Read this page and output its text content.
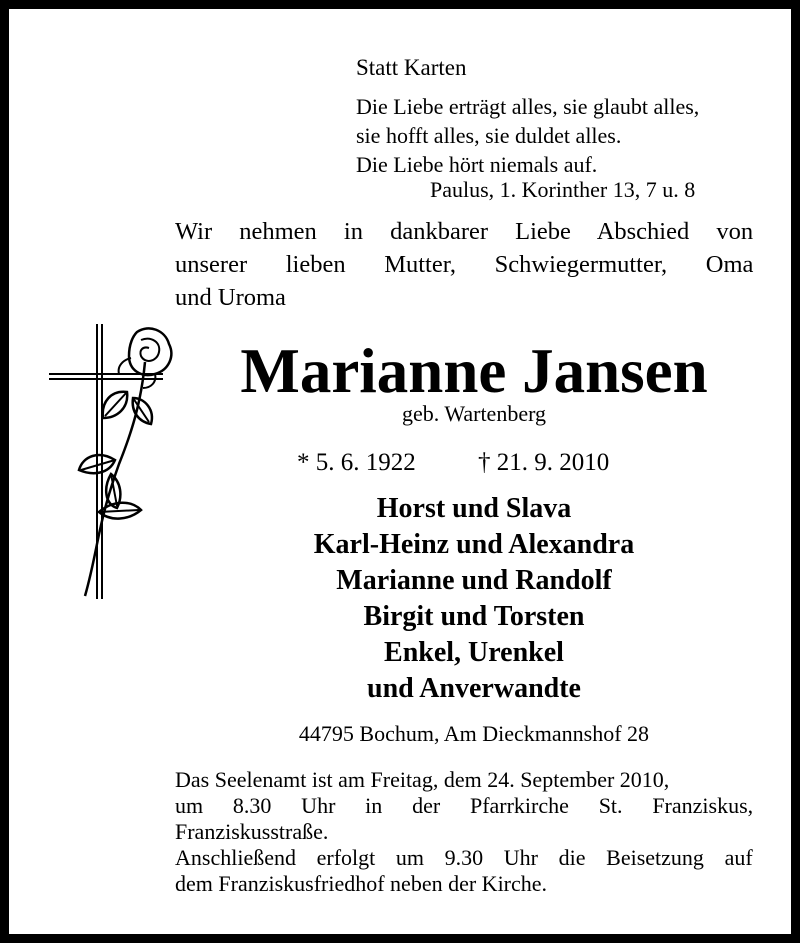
Statt Karten
Die Liebe erträgt alles, sie glaubt alles,
sie hofft alles, sie duldet alles.
Die Liebe hört niemals auf.
Paulus, 1. Korinther 13, 7 u. 8
Wir nehmen in dankbarer Liebe Abschied von
unserer lieben Mutter, Schwiegermutter, Oma
und Uroma
Marianne Jansen
geb. Wartenberg
* 5. 6. 1922 † 21. 9. 2010
Horst und Slava
Karl-Heinz und Alexandra
Marianne und Randolf
Birgit und Torsten
Enkel, Urenkel
und Anverwandte
44795 Bochum, Am Dieckmannshof 28
Das Seelenamt ist am Freitag, dem 24. September 2010,
um 8.30 Uhr in der Pfarrkirche St. Franziskus,
Franziskusstraße.
Anschließend erfolgt um 9.30 Uhr die Beisetzung auf
dem Franziskusfriedhof neben der Kirche.
